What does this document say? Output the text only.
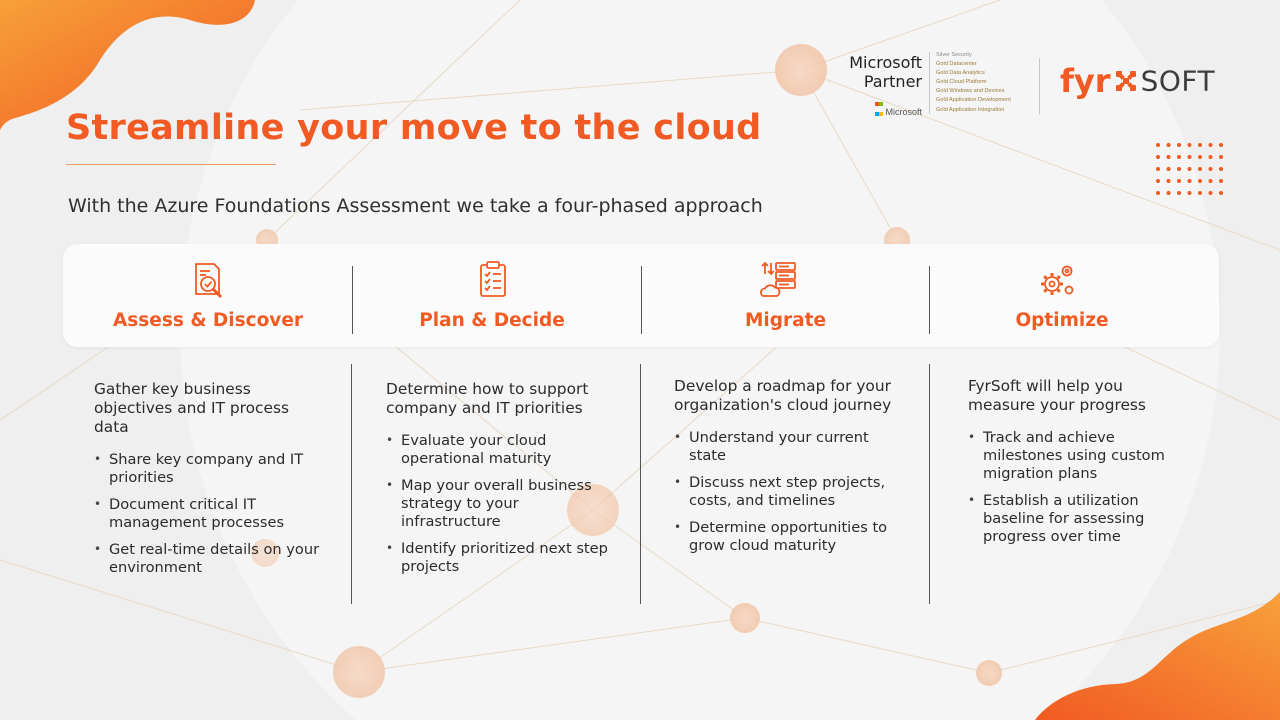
Streamline your move to the cloud

With the Azure Foundations Assessment we take a four-phased approach

Microsoft
Partner

Microsoft
Silver Security
Gold Datacenter
Gold Data Analytics
Gold Cloud Platform
Gold Windows and Devices
Gold Application Development
Gold Application Integration
fyr SOFT
Assess & Discover	Plan & Decide	Migrate	Optimize

Gather key business objectives and IT process data

• Share key company and IT priorities
• Document critical IT management processes
• Get real-time details on your environment

Determine how to support company and IT priorities

• Evaluate your cloud operational maturity
• Map your overall business strategy to your infrastructure
• Identify prioritized next step projects

Develop a roadmap for your organization's cloud journey

• Understand your current state
• Discuss next step projects, costs, and timelines
• Determine opportunities to grow cloud maturity

FyrSoft will help you measure your progress

• Track and achieve milestones using custom migration plans
• Establish a utilization baseline for assessing progress over time
